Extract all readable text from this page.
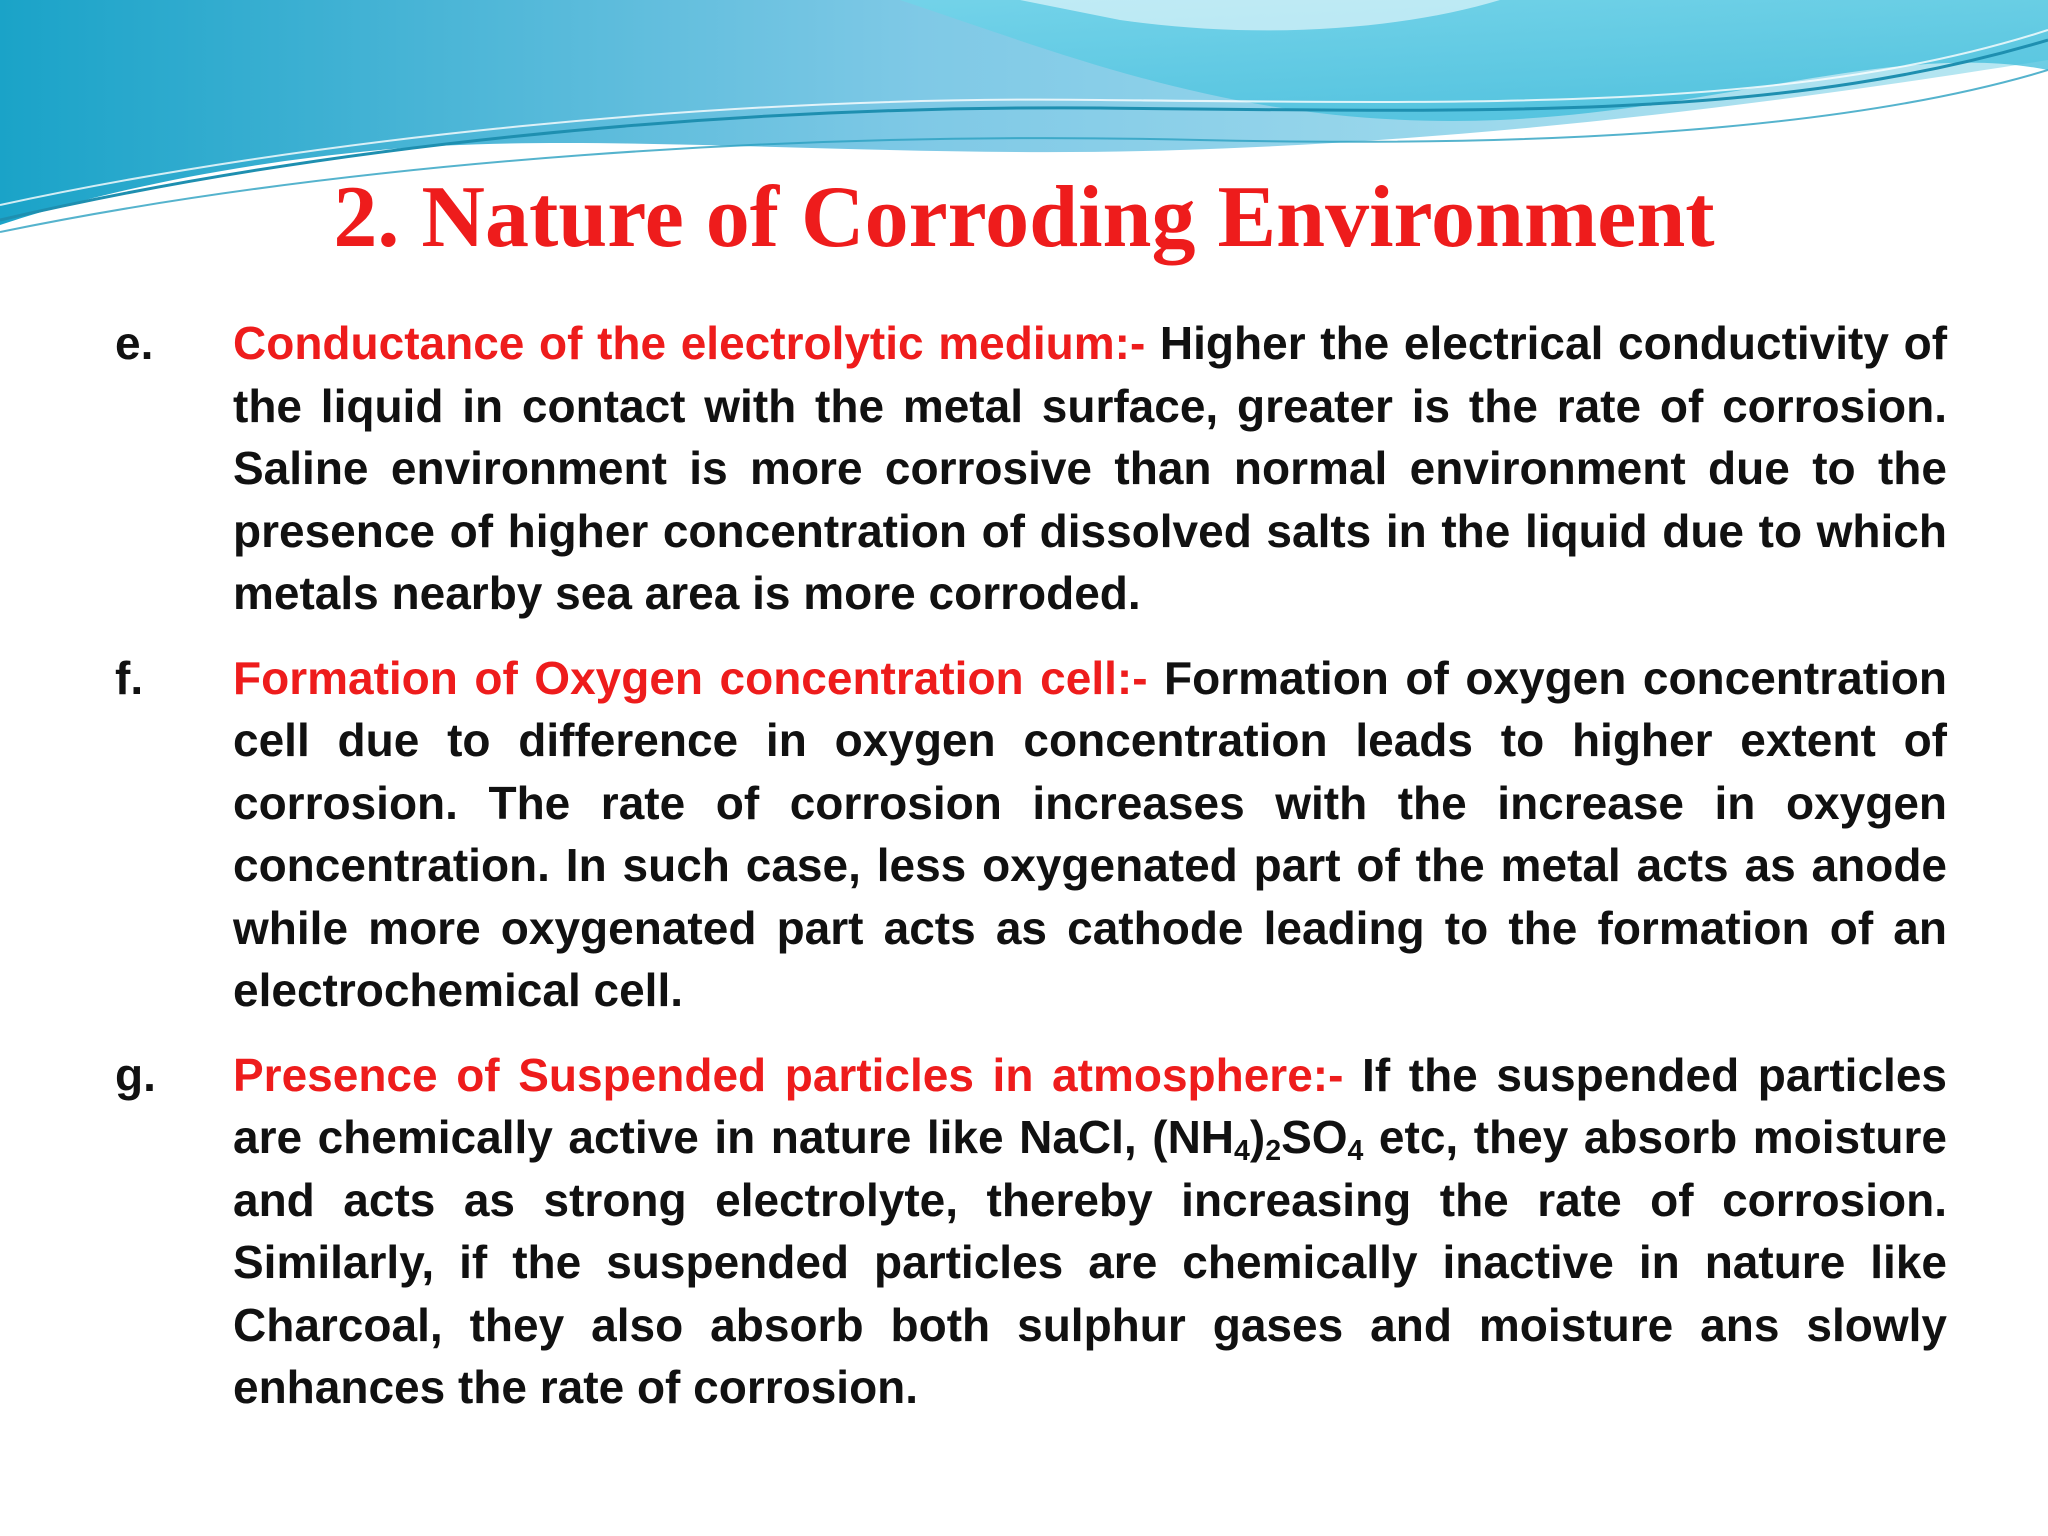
2. Nature of Corroding Environment
e.	Conductance of the electrolytic medium:- Higher the electrical conductivity of the liquid in contact with the metal surface, greater is the rate of corrosion. Saline environment is more corrosive than normal environment due to the presence of higher concentration of dissolved salts in the liquid due to which metals nearby sea area is more corroded.

f.	Formation of Oxygen concentration cell:- Formation of oxygen concentration cell due to difference in oxygen concentration leads to higher extent of corrosion. The rate of corrosion increases with the increase in oxygen concentration. In such case, less oxygenated part of the metal acts as anode while more oxygenated part acts as cathode leading to the formation of an electrochemical cell.

g.	Presence of Suspended particles in atmosphere:- If the suspended particles are chemically active in nature like NaCl, $(NH_4)_2SO_4$ etc, they absorb moisture and acts as strong electrolyte, thereby increasing the rate of corrosion. Similarly, if the suspended particles are chemically inactive in nature like Charcoal, they also absorb both sulphur gases and moisture ans slowly enhances the rate of corrosion.
